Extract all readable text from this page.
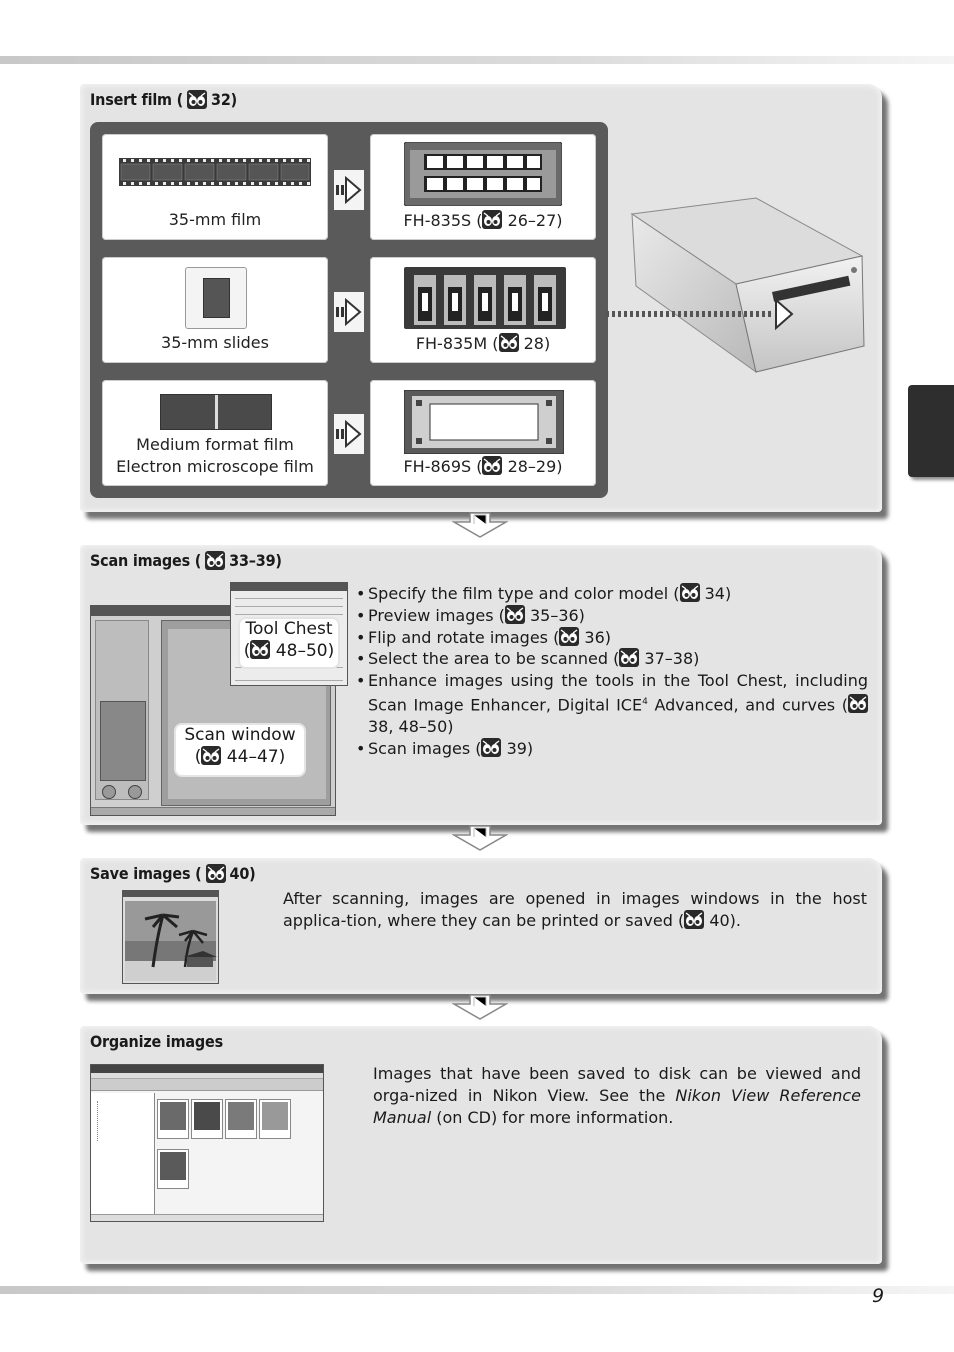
Insert film ( 32)
35-mm film	FH-835S ( 26–27)
35-mm slides	FH-835M ( 28)
Medium format film
Electron microscope film	FH-869S ( 28–29)
Scan images ( 33–39)
Tool Chest
( 48–50)
Scan window
( 44–47)
• Specify the film type and color model ( 34)
• Preview images ( 35–36)
• Flip and rotate images ( 36)
• Select the area to be scanned ( 37–38)
• Enhance images using the tools in the Tool Chest, including Scan Image Enhancer, Digital ICE$^4$ Advanced, and curves ( 38, 48–50)
• Scan images ( 39)
Save images ( 40)
After scanning, images are opened in images windows in the host applica-tion, where they can be printed or saved ( 40).
Organize images
Images that have been saved to disk can be viewed and orga-nized in Nikon View. See the Nikon View Reference Manual (on CD) for more information.
9
